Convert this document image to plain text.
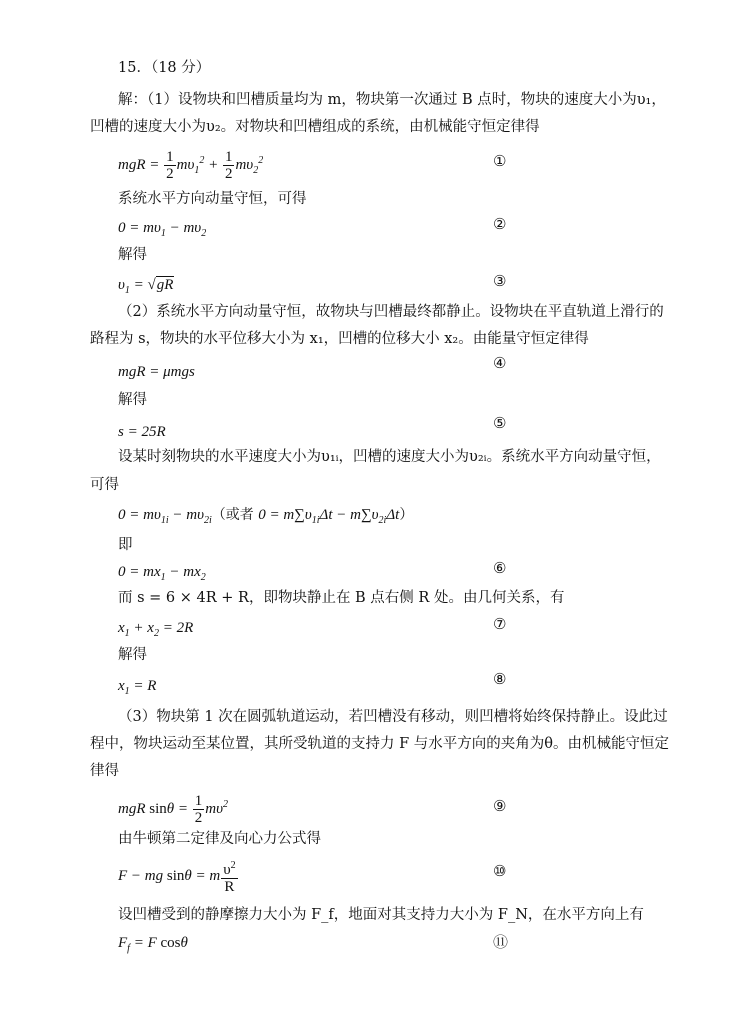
15．（18 分）
解：（1）设物块和凹槽质量均为 m，物块第一次通过 B 点时，物块的速度大小为υ₁，
凹槽的速度大小为υ₂。对物块和凹槽组成的系统，由机械能守恒定律得
mgR = $\frac{1}{2} m\upsilon_1^2 + \frac{1}{2} m\upsilon_2^2$	①
系统水平方向动量守恒，可得
$0 = m\upsilon_1 - m\upsilon_2$
②
解得
$\upsilon_1 = √gR$	③
（2）系统水平方向动量守恒，故物块与凹槽最终都静止。设物块在平直轨道上滑行的
路程为 s，物块的水平位移大小为 x₁，凹槽的位移大小 x₂。由能量守恒定律得
mgR = μmgs	④
解得
s = 25R	⑤
设某时刻物块的水平速度大小为υ₁ᵢ，凹槽的速度大小为υ₂ᵢ。系统水平方向动量守恒，
可得
$0 = m\upsilon_{1i} - m\upsilon_{2i}$（或者 $0 = m\sum\upsilon_{1i}\Delta t - m\sum\upsilon_{2i}\Delta t$）
即
$0 = mx_1 - mx_2$
⑥
而 s = 6 × 4R + R，即物块静止在 B 点右侧 R 处。由几何关系，有
$x_1 + x_2 = 2R$	⑦
解得
$x_1 = R$	⑧
（3）物块第 1 次在圆弧轨道运动，若凹槽没有移动，则凹槽将始终保持静止。设此过
程中，物块运动至某位置，其所受轨道的支持力 F 与水平方向的夹角为θ。由机械能守恒定
律得
mgR $\sin\theta = \frac{1}{2} m\upsilon^2$	⑨
由牛顿第二定律及向心力公式得
F − mg sinθ = m $\frac{\upsilon^2}{R}$	⑩
设凹槽受到的静摩擦力大小为 F_f，地面对其支持力大小为 F_N，在水平方向上有
$F_f = F$ cosθ	⑪
